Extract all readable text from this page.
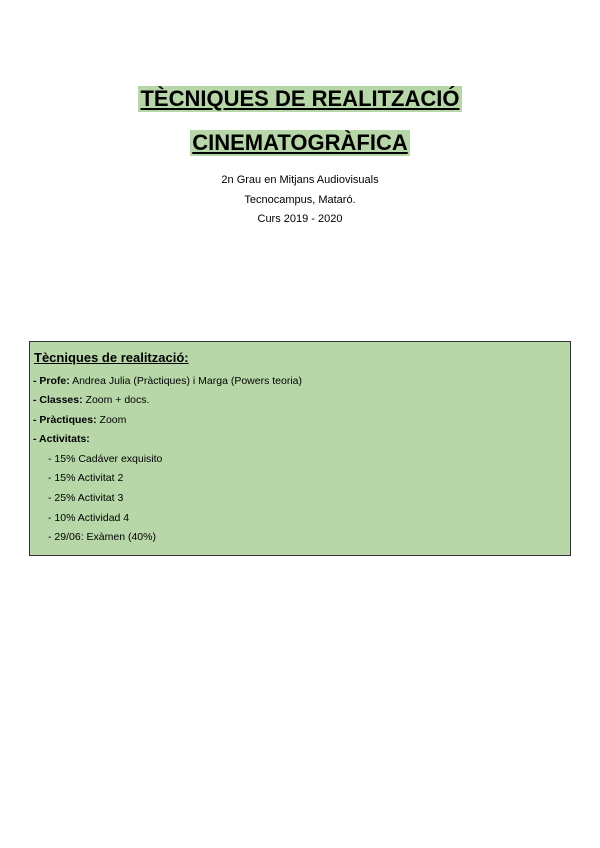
TÈCNIQUES DE REALITZACIÓ
CINEMATOGRÀFICA
2n Grau en Mitjans Audiovisuals
Tecnocampus, Mataró.
Curs 2019 - 2020
Tècniques de realització:
- Profe: Andrea Julia (Pràctiques) i Marga (Powers teoria)
- Classes: Zoom + docs.
- Pràctiques: Zoom
- Activitats:
- 15% Cadáver exquisito
- 15% Activitat 2
- 25% Activitat 3
- 10% Actividad 4
- 29/06: Exàmen (40%)
